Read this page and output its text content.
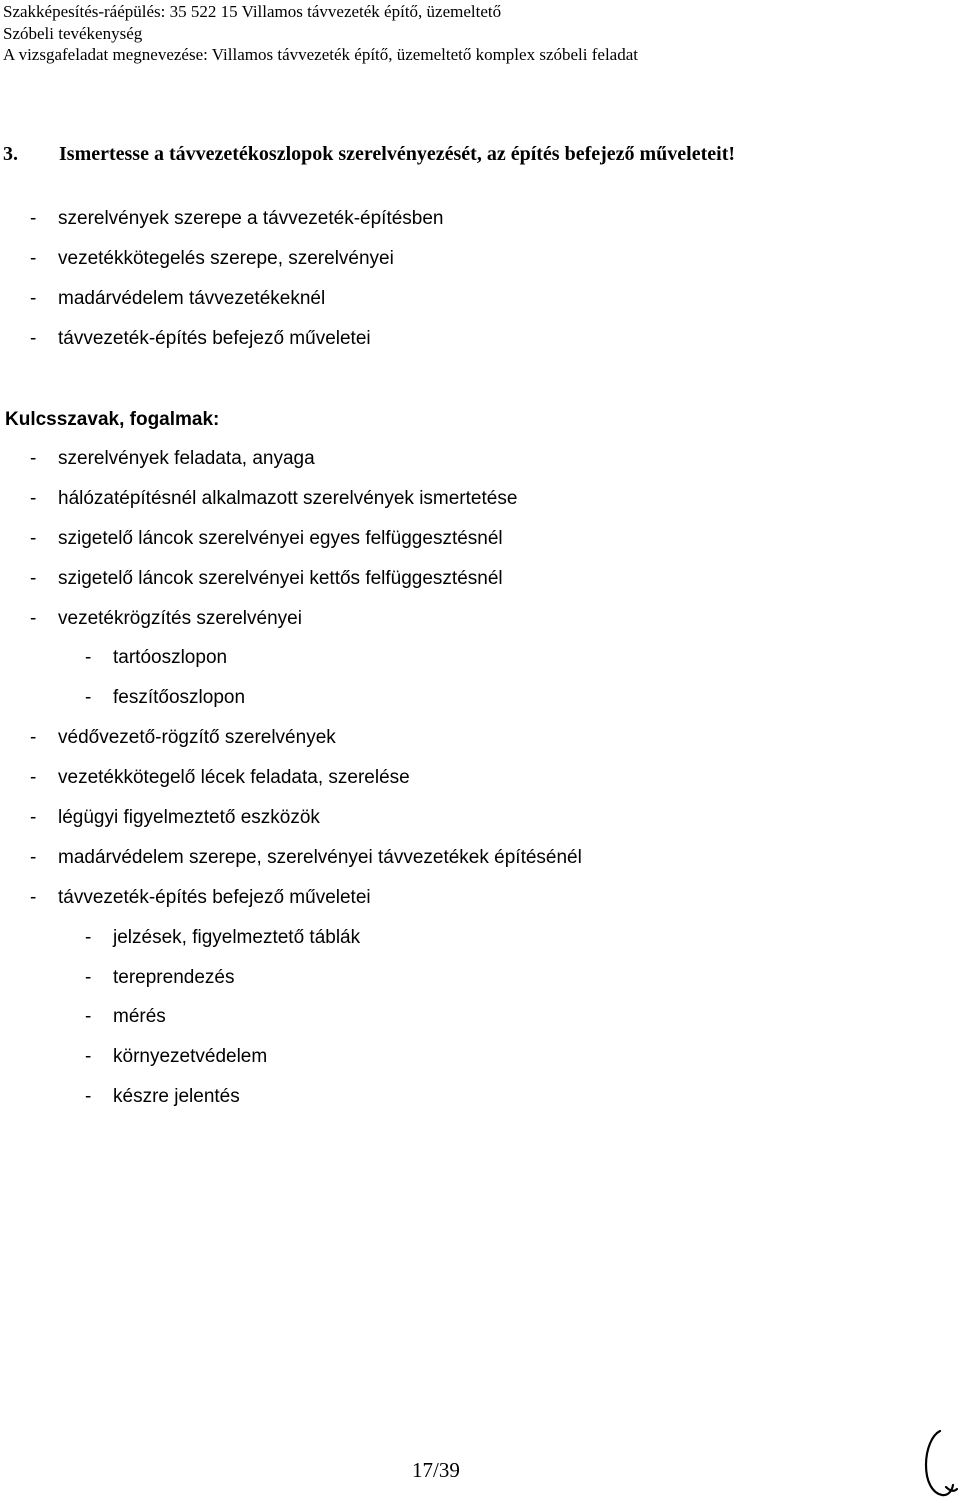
Szakképesítés-ráépülés: 35 522 15 Villamos távvezeték építő, üzemeltető
Szóbeli tevékenység
A vizsgafeladat megnevezése: Villamos távvezeték építő, üzemeltető komplex szóbeli feladat
3. Ismertesse a távvezetékoszlopok szerelvényezését, az építés befejező műveleteit!
- szerelvények szerepe a távvezeték-építésben
- vezetékkötegelés szerepe, szerelvényei
- madárvédelem távvezetékeknél
- távvezeték-építés befejező műveletei
Kulcsszavak, fogalmak:
- szerelvények feladata, anyaga
- hálózatépítésnél alkalmazott szerelvények ismertetése
- szigetelő láncok szerelvényei egyes felfüggesztésnél
- szigetelő láncok szerelvényei kettős felfüggesztésnél
- vezetékrögzítés szerelvényei
- tartóoszlopon
- feszítőoszlopon
- védővezető-rögzítő szerelvények
- vezetékkötegelő lécek feladata, szerelése
- légügyi figyelmeztető eszközök
- madárvédelem szerepe, szerelvényei távvezetékek építésénél
- távvezeték-építés befejező műveletei
- jelzések, figyelmeztető táblák
- tereprendezés
- mérés
- környezetvédelem
- készre jelentés
17/39
